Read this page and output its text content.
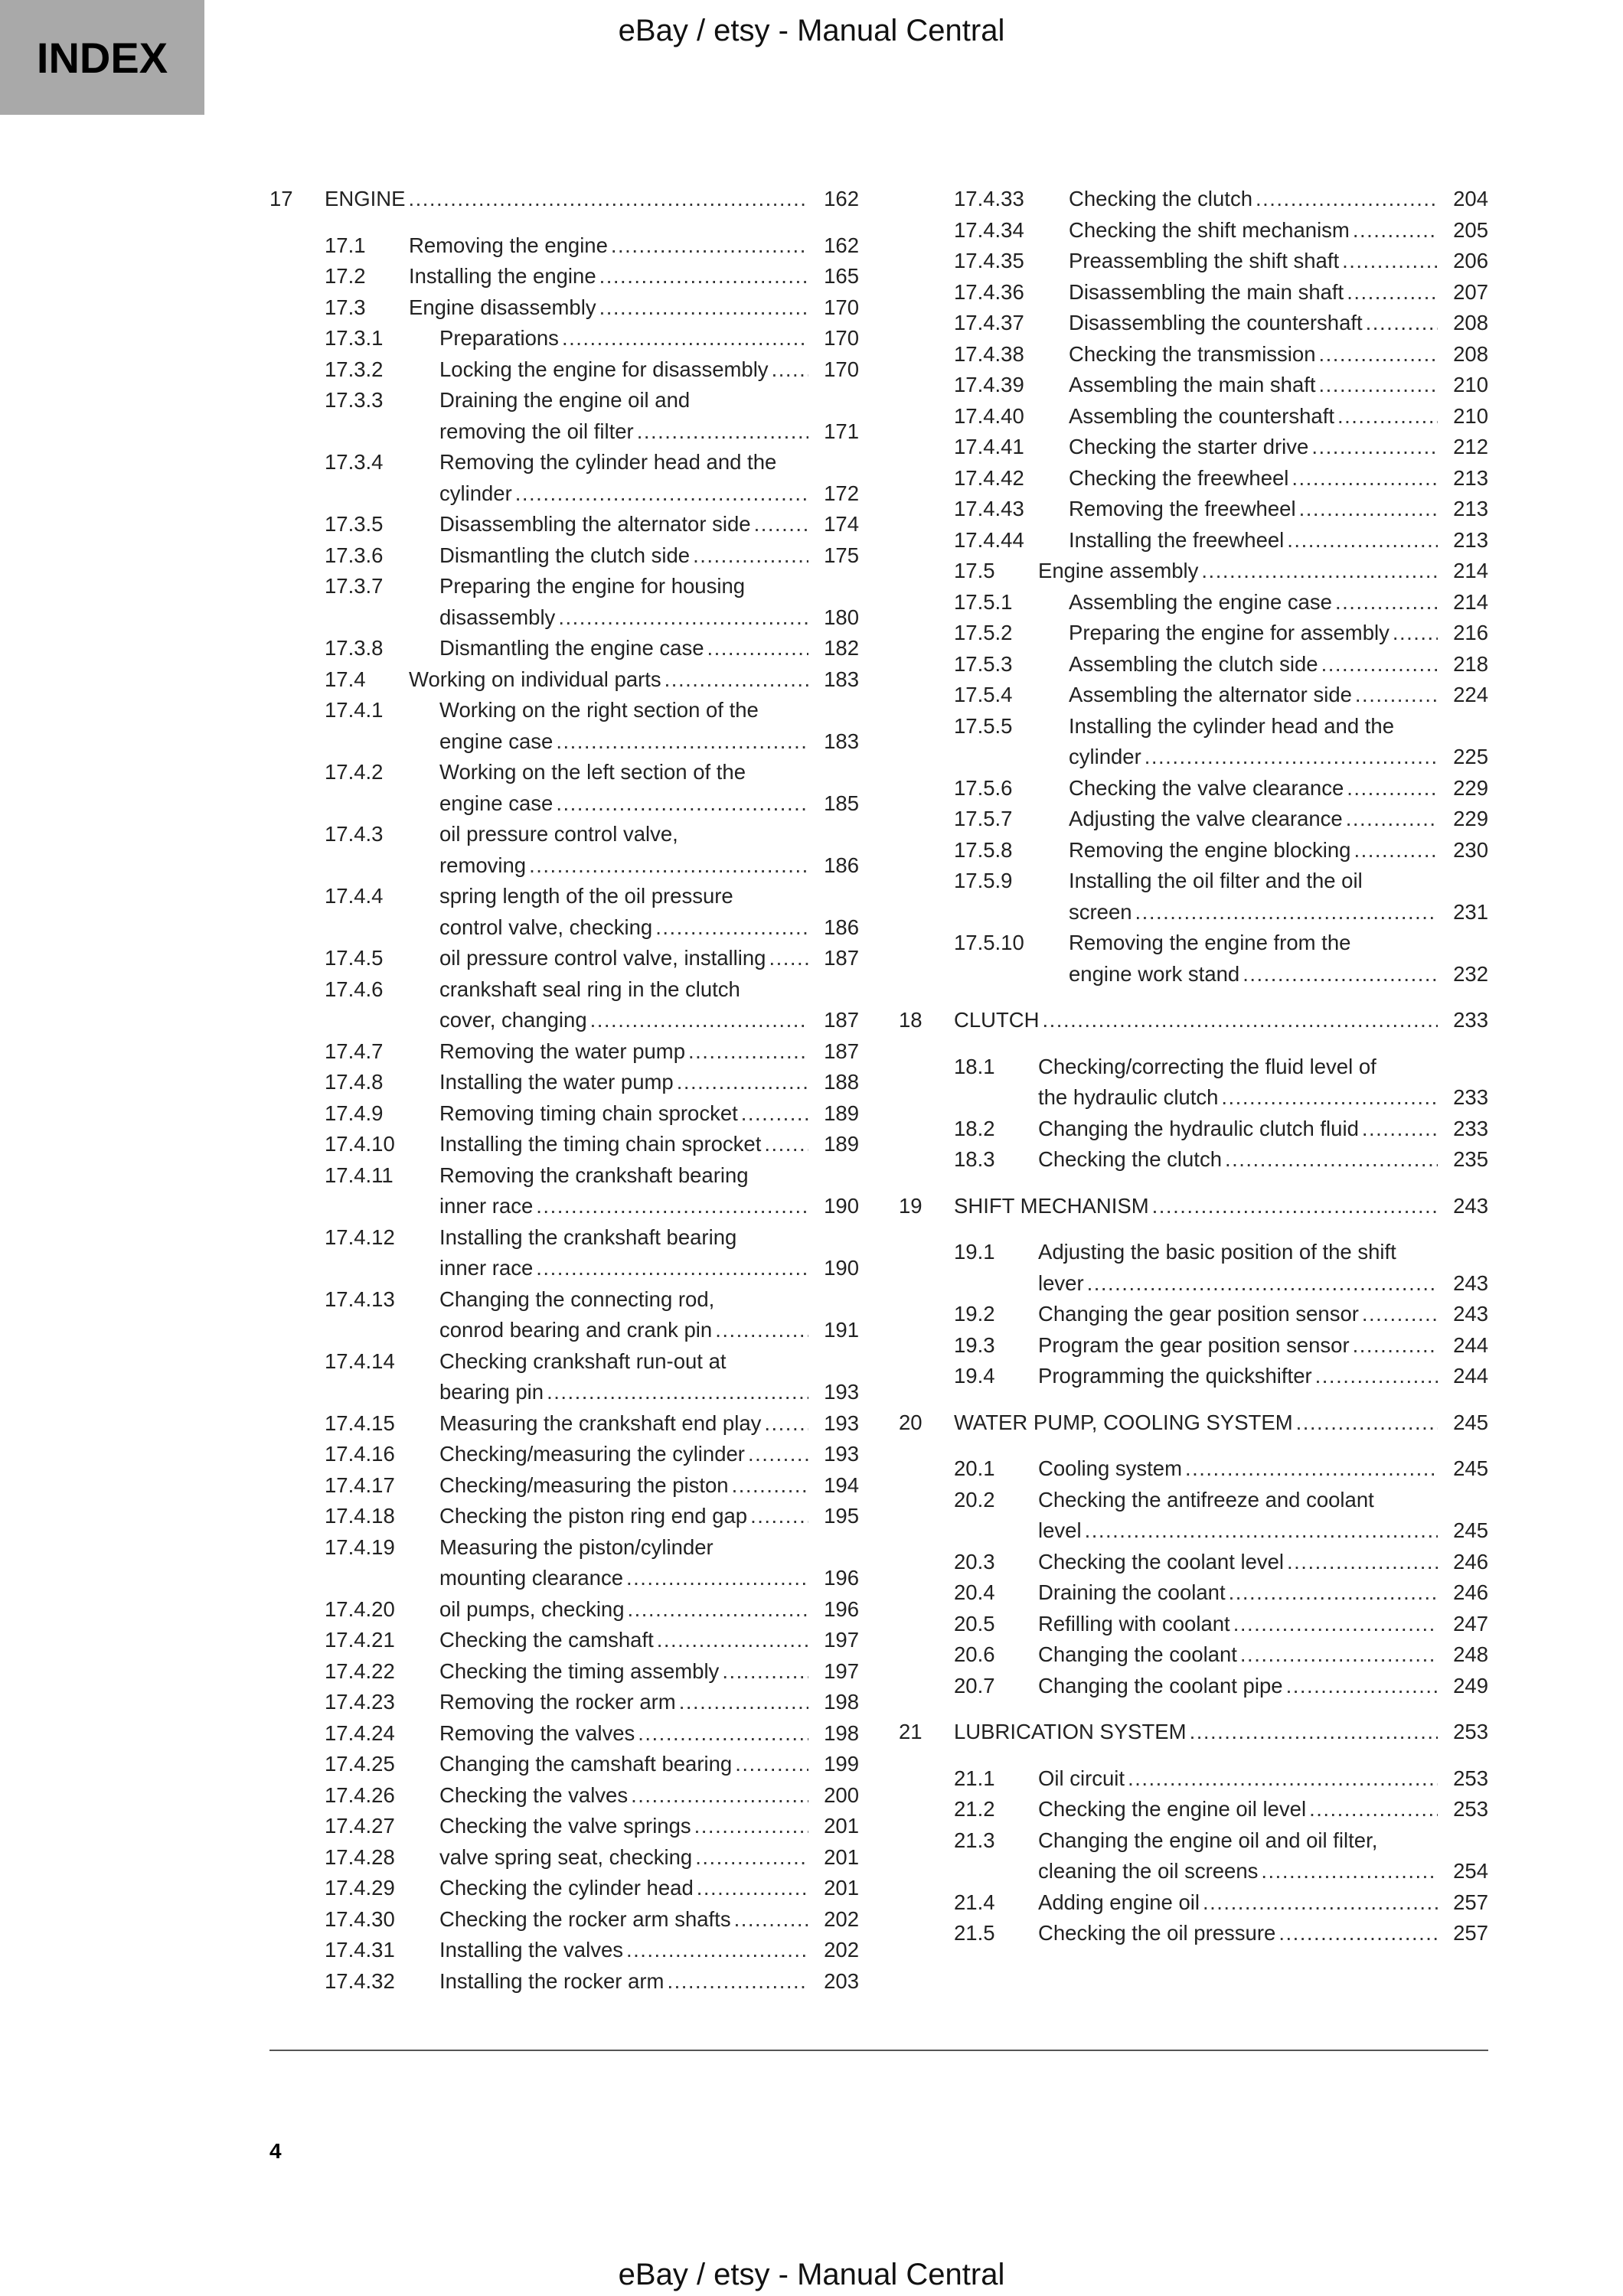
INDEX
eBay / etsy - Manual Central
17 ENGINE .....	162
17.1 Removing the engine .....	162
17.2 Installing the engine .....	165
17.3 Engine disassembly .....	170
17.3.1	Preparations .....	170
17.3.2	Locking the engine for disassembly .....	170
17.3.3	Draining the engine oil and
removing the oil filter .....	171
17.3.4	Removing the cylinder head and the
cylinder .....	172
17.3.5	Disassembling the alternator side .....	174
17.3.6	Dismantling the clutch side .....	175
17.3.7	Preparing the engine for housing
disassembly .....	180
17.3.8	Dismantling the engine case .....	182
17.4 Working on individual parts .....	183
17.4.1	Working on the right section of the
engine case .....	183
17.4.2	Working on the left section of the
engine case .....	185
17.4.3	oil pressure control valve,
removing .....	186
17.4.4	spring length of the oil pressure
control valve, checking .....	186
17.4.5	oil pressure control valve, installing .....	187
17.4.6	crankshaft seal ring in the clutch
cover, changing .....	187
17.4.7	Removing the water pump .....	187
17.4.8	Installing the water pump .....	188
17.4.9	Removing timing chain sprocket .....	189
17.4.10 Installing the timing chain sprocket .....	189
17.4.11 Removing the crankshaft bearing
inner race .....	190
17.4.12 Installing the crankshaft bearing
inner race .....	190
17.4.13 Changing the connecting rod,
conrod bearing and crank pin .....	191
17.4.14 Checking crankshaft run-out at
bearing pin .....	193
17.4.15 Measuring the crankshaft end play .....	193
17.4.16 Checking/measuring the cylinder .....	193
17.4.17 Checking/measuring the piston .....	194
17.4.18 Checking the piston ring end gap .....	195
17.4.19 Measuring the piston/cylinder
mounting clearance .....	196
17.4.20 oil pumps, checking .....	196
17.4.21 Checking the camshaft .....	197
17.4.22 Checking the timing assembly .....	197
17.4.23 Removing the rocker arm .....	198
17.4.24 Removing the valves .....	198
17.4.25 Changing the camshaft bearing .....	199
17.4.26 Checking the valves .....	200
17.4.27 Checking the valve springs .....	201
17.4.28 valve spring seat, checking .....	201
17.4.29 Checking the cylinder head .....	201
17.4.30 Checking the rocker arm shafts .....	202
17.4.31 Installing the valves .....	202
17.4.32 Installing the rocker arm .....	203
17.4.33 Checking the clutch .....	204
17.4.34 Checking the shift mechanism .....	205
17.4.35 Preassembling the shift shaft .....	206
17.4.36 Disassembling the main shaft .....	207
17.4.37 Disassembling the countershaft .....	208
17.4.38 Checking the transmission .....	208
17.4.39 Assembling the main shaft .....	210
17.4.40 Assembling the countershaft .....	210
17.4.41 Checking the starter drive .....	212
17.4.42 Checking the freewheel .....	213
17.4.43 Removing the freewheel .....	213
17.4.44 Installing the freewheel .....	213
17.5 Engine assembly .....	214
17.5.1	Assembling the engine case .....	214
17.5.2	Preparing the engine for assembly .....	216
17.5.3	Assembling the clutch side .....	218
17.5.4	Assembling the alternator side .....	224
17.5.5	Installing the cylinder head and the
cylinder .....	225
17.5.6	Checking the valve clearance .....	229
17.5.7	Adjusting the valve clearance .....	229
17.5.8	Removing the engine blocking .....	230
17.5.9	Installing the oil filter and the oil
screen .....	231
17.5.10 Removing the engine from the
engine work stand .....	232
18 CLUTCH .....	233
18.1 Checking/correcting the fluid level of
the hydraulic clutch .....	233
18.2 Changing the hydraulic clutch fluid .....	233
18.3 Checking the clutch .....	235
19 SHIFT MECHANISM .....	243
19.1 Adjusting the basic position of the shift
lever .....	243
19.2 Changing the gear position sensor .....	243
19.3 Program the gear position sensor .....	244
19.4 Programming the quickshifter .....	244
20 WATER PUMP, COOLING SYSTEM .....	245
20.1 Cooling system .....	245
20.2 Checking the antifreeze and coolant
level .....	245
20.3 Checking the coolant level .....	246
20.4 Draining the coolant .....	246
20.5 Refilling with coolant .....	247
20.6 Changing the coolant .....	248
20.7 Changing the coolant pipe .....	249
21 LUBRICATION SYSTEM .....	253
21.1 Oil circuit .....	253
21.2 Checking the engine oil level .....	253
21.3 Changing the engine oil and oil filter,
cleaning the oil screens .....	254
21.4 Adding engine oil .....	257
21.5 Checking the oil pressure .....	257
4
eBay / etsy - Manual Central
